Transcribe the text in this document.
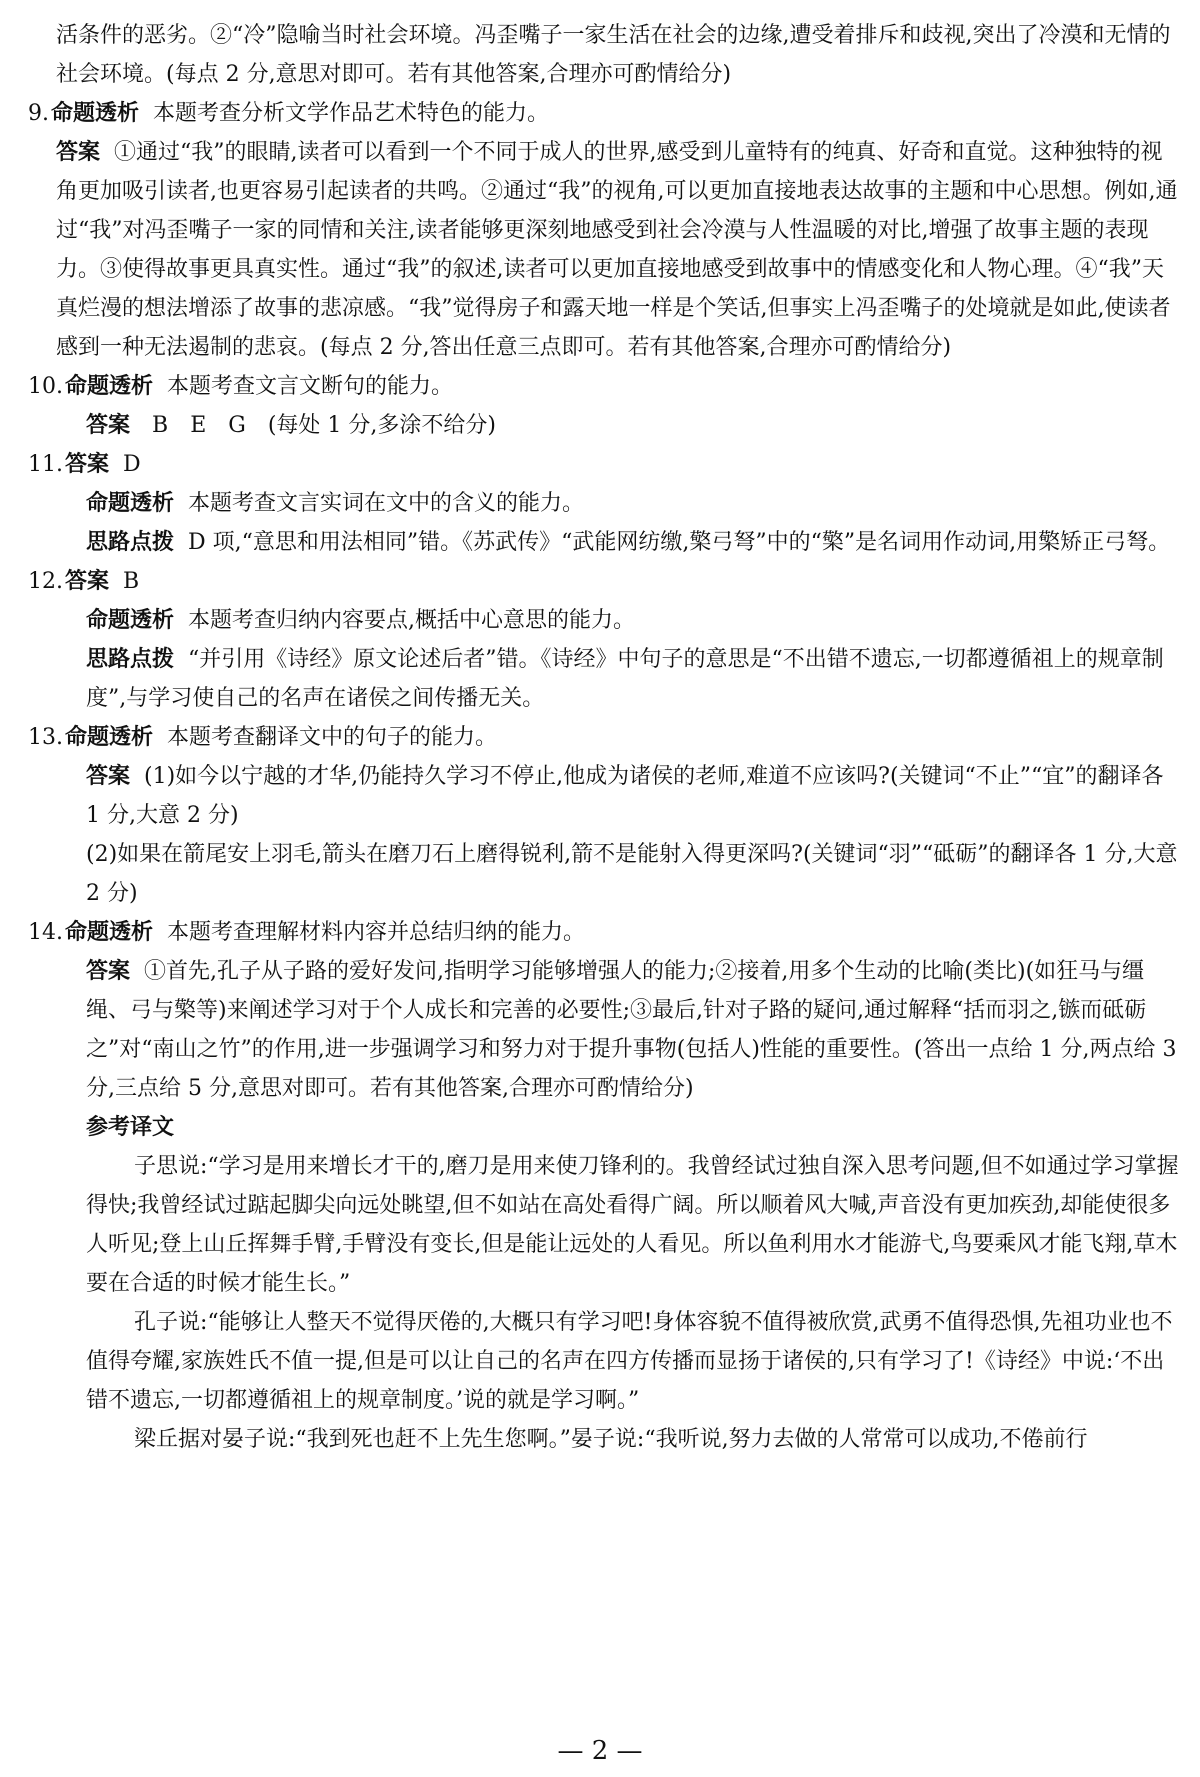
活条件的恶劣。②“冷”隐喻当时社会环境。冯歪嘴子一家生活在社会的边缘,遭受着排斥和歧视,突出了冷漠和无情的社会环境。(每点 2 分,意思对即可。若有其他答案,合理亦可酌情给分)

9.命题透析 本题考查分析文学作品艺术特色的能力。

答案 ①通过“我”的眼睛,读者可以看到一个不同于成人的世界,感受到儿童特有的纯真、好奇和直觉。这种独特的视角更加吸引读者,也更容易引起读者的共鸣。②通过“我”的视角,可以更加直接地表达故事的主题和中心思想。例如,通过“我”对冯歪嘴子一家的同情和关注,读者能够更深刻地感受到社会冷漠与人性温暖的对比,增强了故事主题的表现力。③使得故事更具真实性。通过“我”的叙述,读者可以更加直接地感受到故事中的情感变化和人物心理。④“我”天真烂漫的想法增添了故事的悲凉感。“我”觉得房子和露天地一样是个笑话,但事实上冯歪嘴子的处境就是如此,使读者感到一种无法遏制的悲哀。(每点 2 分,答出任意三点即可。若有其他答案,合理亦可酌情给分)

10.命题透析 本题考查文言文断句的能力。

答案 B E G (每处 1 分,多涂不给分)

11.答案 D

命题透析 本题考查文言实词在文中的含义的能力。

思路点拨 D 项,“意思和用法相同”错。《苏武传》“武能网纺缴,檠弓弩”中的“檠”是名词用作动词,用檠矫正弓弩。

12.答案 B

命题透析 本题考查归纳内容要点,概括中心意思的能力。

思路点拨 “并引用《诗经》原文论述后者”错。《诗经》中句子的意思是“不出错不遗忘,一切都遵循祖上的规章制度”,与学习使自己的名声在诸侯之间传播无关。

13.命题透析 本题考查翻译文中的句子的能力。

答案 (1)如今以宁越的才华,仍能持久学习不停止,他成为诸侯的老师,难道不应该吗?(关键词“不止”“宜”的翻译各 1 分,大意 2 分)

(2)如果在箭尾安上羽毛,箭头在磨刀石上磨得锐利,箭不是能射入得更深吗?(关键词“羽”“砥砺”的翻译各 1 分,大意 2 分)

14.命题透析 本题考查理解材料内容并总结归纳的能力。

答案 ①首先,孔子从子路的爱好发问,指明学习能够增强人的能力;②接着,用多个生动的比喻(类比)(如狂马与缰绳、弓与檠等)来阐述学习对于个人成长和完善的必要性;③最后,针对子路的疑问,通过解释“括而羽之,镞而砥砺之”对“南山之竹”的作用,进一步强调学习和努力对于提升事物(包括人)性能的重要性。(答出一点给 1 分,两点给 3 分,三点给 5 分,意思对即可。若有其他答案,合理亦可酌情给分)

参考译文

子思说:“学习是用来增长才干的,磨刀是用来使刀锋利的。我曾经试过独自深入思考问题,但不如通过学习掌握得快;我曾经试过踮起脚尖向远处眺望,但不如站在高处看得广阔。所以顺着风大喊,声音没有更加疾劲,却能使很多人听见;登上山丘挥舞手臂,手臂没有变长,但是能让远处的人看见。所以鱼利用水才能游弋,鸟要乘风才能飞翔,草木要在合适的时候才能生长。”

孔子说:“能够让人整天不觉得厌倦的,大概只有学习吧!身体容貌不值得被欣赏,武勇不值得恐惧,先祖功业也不值得夸耀,家族姓氏不值一提,但是可以让自己的名声在四方传播而显扬于诸侯的,只有学习了!《诗经》中说:‘不出错不遗忘,一切都遵循祖上的规章制度。’说的就是学习啊。”

梁丘据对晏子说:“我到死也赶不上先生您啊。”晏子说:“我听说,努力去做的人常常可以成功,不倦前行

— 2 —
